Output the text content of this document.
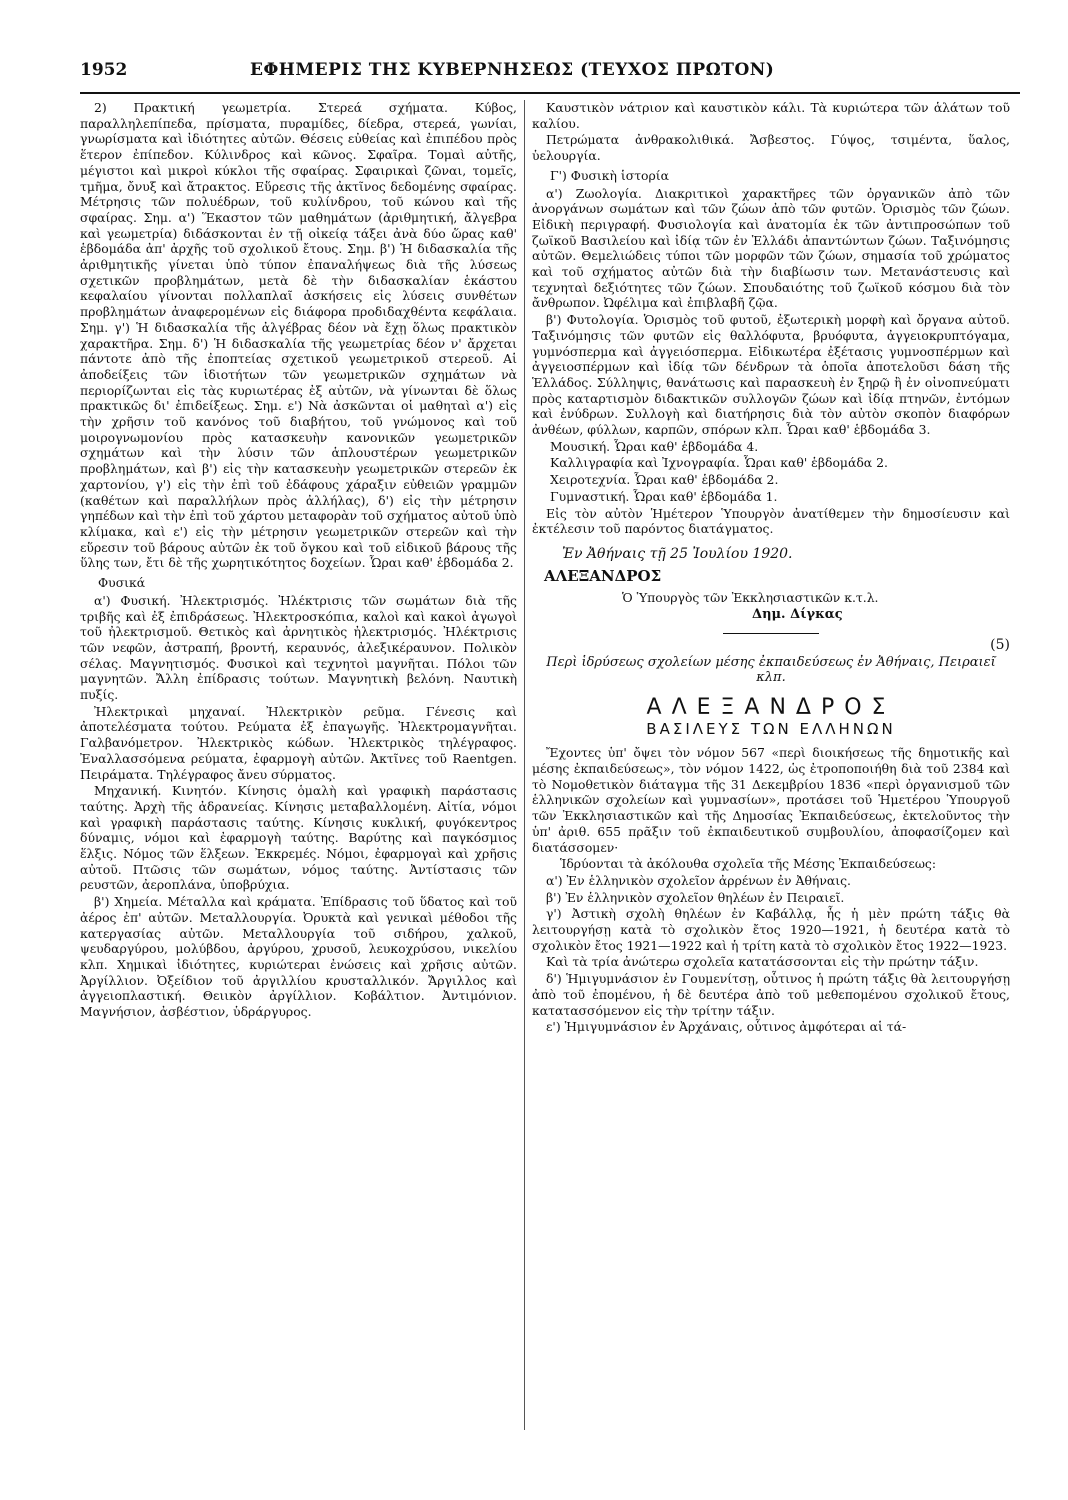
1952	ΕΦΗΜΕΡΙΣ ΤΗΣ ΚΥΒΕΡΝΗΣΕΩΣ (ΤΕΥΧΟΣ ΠΡΩΤΟΝ)

2) Πρακτική γεωμετρία. Στερεά σχήματα. Κύβος, παραλληλεπίπεδα, πρίσματα, πυραμίδες, δίεδρα, στερεά, γωνίαι, γνωρίσματα καὶ ἰδιότητες αὐτῶν. Θέσεις εὐθείας καὶ ἐπιπέδου πρὸς ἕτερον ἐπίπεδον. Κύλινδρος καὶ κῶνος. Σφαῖρα. Τομαὶ αὐτῆς, μέγιστοι καὶ μικροὶ κύκλοι τῆς σφαίρας. Σφαιρικαὶ ζῶναι, τομεῖς, τμῆμα, ὄνυξ καὶ ἄτρακτος. Εὕρεσις τῆς ἀκτῖνος δεδομένης σφαίρας. Μέτρησις τῶν πολυέδρων, τοῦ κυλίνδρου, τοῦ κώνου καὶ τῆς σφαίρας. Σημ. α') Ἕκαστον τῶν μαθημάτων (ἀριθμητική, ἄλγεβρα καὶ γεωμετρία) διδάσκονται ἐν τῇ οἰκείᾳ τάξει ἀνὰ δύο ὥρας καθ' ἑβδομάδα ἀπ' ἀρχῆς τοῦ σχολικοῦ ἔτους. Σημ. β') Ἡ διδασκαλία τῆς ἀριθμητικῆς γίνεται ὑπὸ τύπον ἐπαναλήψεως διὰ τῆς λύσεως σχετικῶν προβλημάτων, μετὰ δὲ τὴν διδασκαλίαν ἑκάστου κεφαλαίου γίνονται πολλαπλαῖ ἀσκήσεις εἰς λύσεις συνθέτων προβλημάτων ἀναφερομένων εἰς διάφορα προδιδαχθέντα κεφάλαια. Σημ. γ') Ἡ διδασκαλία τῆς ἀλγέβρας δέον νὰ ἔχῃ ὅλως πρακτικὸν χαρακτῆρα. Σημ. δ') Ἡ διδασκαλία τῆς γεωμετρίας δέον ν' ἄρχεται πάντοτε ἀπὸ τῆς ἐποπτείας σχετικοῦ γεωμετρικοῦ στερεοῦ. Αἱ ἀποδείξεις τῶν ἰδιοτήτων τῶν γεωμετρικῶν σχημάτων νὰ περιορίζωνται εἰς τὰς κυριωτέρας ἐξ αὐτῶν, νὰ γίνωνται δὲ ὅλως πρακτικῶς δι' ἐπιδείξεως. Σημ. ε') Νὰ ἀσκῶνται οἱ μαθηταὶ α') εἰς τὴν χρῆσιν τοῦ κανόνος τοῦ διαβήτου, τοῦ γνώμονος καὶ τοῦ μοιρογνωμονίου πρὸς κατασκευὴν κανονικῶν γεωμετρικῶν σχημάτων καὶ τὴν λύσιν τῶν ἁπλουστέρων γεωμετρικῶν προβλημάτων, καὶ β') εἰς τὴν κατασκευὴν γεωμετρικῶν στερεῶν ἐκ χαρτονίου, γ') εἰς τὴν ἐπὶ τοῦ ἐδάφους χάραξιν εὐθειῶν γραμμῶν (καθέτων καὶ παραλλήλων πρὸς ἀλλήλας), δ') εἰς τὴν μέτρησιν γηπέδων καὶ τὴν ἐπὶ τοῦ χάρτου μεταφορὰν τοῦ σχήματος αὐτοῦ ὑπὸ κλίμακα, καὶ ε') εἰς τὴν μέτρησιν γεωμετρικῶν στερεῶν καὶ τὴν εὕρεσιν τοῦ βάρους αὐτῶν ἐκ τοῦ ὄγκου καὶ τοῦ εἰδικοῦ βάρους τῆς ὕλης των, ἔτι δὲ τῆς χωρητικότητος δοχείων. Ὧραι καθ' ἑβδομάδα 2.

Φυσικά

α') Φυσική. Ἠλεκτρισμός. Ἠλέκτρισις τῶν σωμάτων διὰ τῆς τριβῆς καὶ ἐξ ἐπιδράσεως. Ἠλεκτροσκόπια, καλοὶ καὶ κακοὶ ἀγωγοὶ τοῦ ἠλεκτρισμοῦ. Θετικὸς καὶ ἀρνητικὸς ἠλεκτρισμός. Ἠλέκτρισις τῶν νεφῶν, ἀστραπή, βροντή, κεραυνός, ἀλεξικέραυνον. Πολικὸν σέλας. Μαγνητισμός. Φυσικοὶ καὶ τεχνητοὶ μαγνῆται. Πόλοι τῶν μαγνητῶν. Ἄλλη ἐπίδρασις τούτων. Μαγνητικὴ βελόνη. Ναυτικὴ πυξίς.

Ἠλεκτρικαὶ μηχαναί. Ἠλεκτρικὸν ρεῦμα. Γένεσις καὶ ἀποτελέσματα τούτου. Ρεύματα ἐξ ἐπαγωγῆς. Ἠλεκτρομαγνῆται. Γαλβανόμετρον. Ἠλεκτρικὸς κώδων. Ἠλεκτρικὸς τηλέγραφος. Ἐναλλασσόμενα ρεύματα, ἐφαρμογὴ αὐτῶν. Ἀκτῖνες τοῦ Raentgen. Πειράματα. Τηλέγραφος ἄνευ σύρματος.

Μηχανική. Κινητόν. Κίνησις ὁμαλὴ καὶ γραφικὴ παράστασις ταύτης. Ἀρχὴ τῆς ἀδρανείας. Κίνησις μεταβαλλομένη. Αἰτία, νόμοι καὶ γραφικὴ παράστασις ταύτης. Κίνησις κυκλική, φυγόκεντρος δύναμις, νόμοι καὶ ἐφαρμογὴ ταύτης. Βαρύτης καὶ παγκόσμιος ἕλξις. Νόμος τῶν ἕλξεων. Ἐκκρεμές. Νόμοι, ἐφαρμογαὶ καὶ χρῆσις αὐτοῦ. Πτῶσις τῶν σωμάτων, νόμος ταύτης. Ἀντίστασις τῶν ρευστῶν, ἀεροπλάνα, ὑποβρύχια.

β') Χημεία. Μέταλλα καὶ κράματα. Ἐπίδρασις τοῦ ὕδατος καὶ τοῦ ἀέρος ἐπ' αὐτῶν. Μεταλλουργία. Ὀρυκτὰ καὶ γενικαὶ μέθοδοι τῆς κατεργασίας αὐτῶν. Μεταλλουργία τοῦ σιδήρου, χαλκοῦ, ψευδαργύρου, μολύβδου, ἀργύρου, χρυσοῦ, λευκοχρύσου, νικελίου κλπ. Χημικαὶ ἰδιότητες, κυριώτεραι ἐνώσεις καὶ χρῆσις αὐτῶν. Ἀργίλλιον. Ὀξείδιον τοῦ ἀργιλλίου κρυσταλλικόν. Ἄργιλλος καὶ ἀγγειοπλαστική. Θειικὸν ἀργίλλιον. Κοβάλτιον. Ἀντιμόνιον. Μαγνήσιον, ἀσβέστιον, ὑδράργυρος.

Καυστικὸν νάτριον καὶ καυστικὸν κάλι. Τὰ κυριώτερα τῶν ἁλάτων τοῦ καλίου.

Πετρώματα ἀνθρακολιθικά. Ἄσβεστος. Γύψος, τσιμέντα, ὕαλος, ὑελουργία.

Γ') Φυσικὴ ἱστορία

α') Ζωολογία. Διακριτικοὶ χαρακτῆρες τῶν ὀργανικῶν ἀπὸ τῶν ἀνοργάνων σωμάτων καὶ τῶν ζώων ἀπὸ τῶν φυτῶν. Ὁρισμὸς τῶν ζώων. Εἰδικὴ περιγραφή. Φυσιολογία καὶ ἀνατομία ἐκ τῶν ἀντιπροσώπων τοῦ ζωϊκοῦ Βασιλείου καὶ ἰδίᾳ τῶν ἐν Ἑλλάδι ἀπαντώντων ζώων. Ταξινόμησις αὐτῶν. Θεμελιώδεις τύποι τῶν μορφῶν τῶν ζώων, σημασία τοῦ χρώματος καὶ τοῦ σχήματος αὐτῶν διὰ τὴν διαβίωσιν των. Μετανάστευσις καὶ τεχνηταὶ δεξιότητες τῶν ζώων. Σπουδαιότης τοῦ ζωϊκοῦ κόσμου διὰ τὸν ἄνθρωπον. Ὠφέλιμα καὶ ἐπιβλαβῆ ζῷα.

β') Φυτολογία. Ὁρισμὸς τοῦ φυτοῦ, ἐξωτερικὴ μορφὴ καὶ ὄργανα αὐτοῦ. Ταξινόμησις τῶν φυτῶν εἰς θαλλόφυτα, βρυόφυτα, ἀγγειοκρυπτόγαμα, γυμνόσπερμα καὶ ἀγγειόσπερμα. Εἰδικωτέρα ἐξέτασις γυμνοσπέρμων καὶ ἀγγειοσπέρμων καὶ ἰδίᾳ τῶν δένδρων τὰ ὁποῖα ἀποτελοῦσι δάση τῆς Ἑλλάδος. Σύλληψις, θανάτωσις καὶ παρασκευὴ ἐν ξηρῷ ἢ ἐν οἰνοπνεύματι πρὸς καταρτισμὸν διδακτικῶν συλλογῶν ζώων καὶ ἰδίᾳ πτηνῶν, ἐντόμων καὶ ἐνύδρων. Συλλογὴ καὶ διατήρησις διὰ τὸν αὐτὸν σκοπὸν διαφόρων ἀνθέων, φύλλων, καρπῶν, σπόρων κλπ. Ὧραι καθ' ἑβδομάδα 3.

Μουσική. Ὧραι καθ' ἑβδομάδα 4.

Καλλιγραφία καὶ Ἰχνογραφία. Ὧραι καθ' ἑβδομάδα 2.

Χειροτεχνία. Ὧραι καθ' ἑβδομάδα 2.

Γυμναστική. Ὧραι καθ' ἑβδομάδα 1.

Εἰς τὸν αὐτὸν Ἡμέτερον Ὑπουργὸν ἀνατίθεμεν τὴν δημοσίευσιν καὶ ἐκτέλεσιν τοῦ παρόντος διατάγματος.

Ἐν Ἀθήναις τῇ 25 Ἰουλίου 1920.

ΑΛΕΞΑΝΔΡΟΣ

Ὁ Ὑπουργὸς τῶν Ἐκκλησιαστικῶν κ.τ.λ.

Δημ. Δίγκας

(5)

Περὶ ἱδρύσεως σχολείων μέσης ἐκπαιδεύσεως ἐν Ἀθήναις, Πειραιεῖ κλπ.

ΑΛΕΞΑΝΔΡΟΣ

ΒΑΣΙΛΕΥΣ ΤΩΝ ΕΛΛΗΝΩΝ

Ἔχοντες ὑπ' ὄψει τὸν νόμον 567 «περὶ διοικήσεως τῆς δημοτικῆς καὶ μέσης ἐκπαιδεύσεως», τὸν νόμον 1422, ὡς ἐτροποποιήθη διὰ τοῦ 2384 καὶ τὸ Νομοθετικὸν διάταγμα τῆς 31 Δεκεμβρίου 1836 «περὶ ὀργανισμοῦ τῶν ἑλληνικῶν σχολείων καὶ γυμνασίων», προτάσει τοῦ Ἡμετέρου Ὑπουργοῦ τῶν Ἐκκλησιαστικῶν καὶ τῆς Δημοσίας Ἐκπαιδεύσεως, ἐκτελοῦντος τὴν ὑπ' ἀριθ. 655 πρᾶξιν τοῦ ἐκπαιδευτικοῦ συμβουλίου, ἀποφασίζομεν καὶ διατάσσομεν·

Ἱδρύονται τὰ ἀκόλουθα σχολεῖα τῆς Μέσης Ἐκπαιδεύσεως:

α') Ἐν ἑλληνικὸν σχολεῖον ἀρρένων ἐν Ἀθήναις.

β') Ἐν ἑλληνικὸν σχολεῖον θηλέων ἐν Πειραιεῖ.

γ') Ἀστικὴ σχολὴ θηλέων ἐν Καβάλλᾳ, ἧς ἡ μὲν πρώτη τάξις θὰ λειτουργήσῃ κατὰ τὸ σχολικὸν ἔτος 1920—1921, ἡ δευτέρα κατὰ τὸ σχολικὸν ἔτος 1921—1922 καὶ ἡ τρίτη κατὰ τὸ σχολικὸν ἔτος 1922—1923.

Καὶ τὰ τρία ἀνώτερω σχολεῖα κατατάσσονται εἰς τὴν πρώτην τάξιν.

δ') Ἡμιγυμνάσιον ἐν Γουμενίτσῃ, οὗτινος ἡ πρώτη τάξις θὰ λειτουργήσῃ ἀπὸ τοῦ ἐπομένου, ἡ δὲ δευτέρα ἀπὸ τοῦ μεθεπομένου σχολικοῦ ἔτους, κατατασσόμενον εἰς τὴν τρίτην τάξιν.

ε') Ἡμιγυμνάσιον ἐν Ἀρχάναις, οὗτινος ἀμφότεραι αἱ τά-
